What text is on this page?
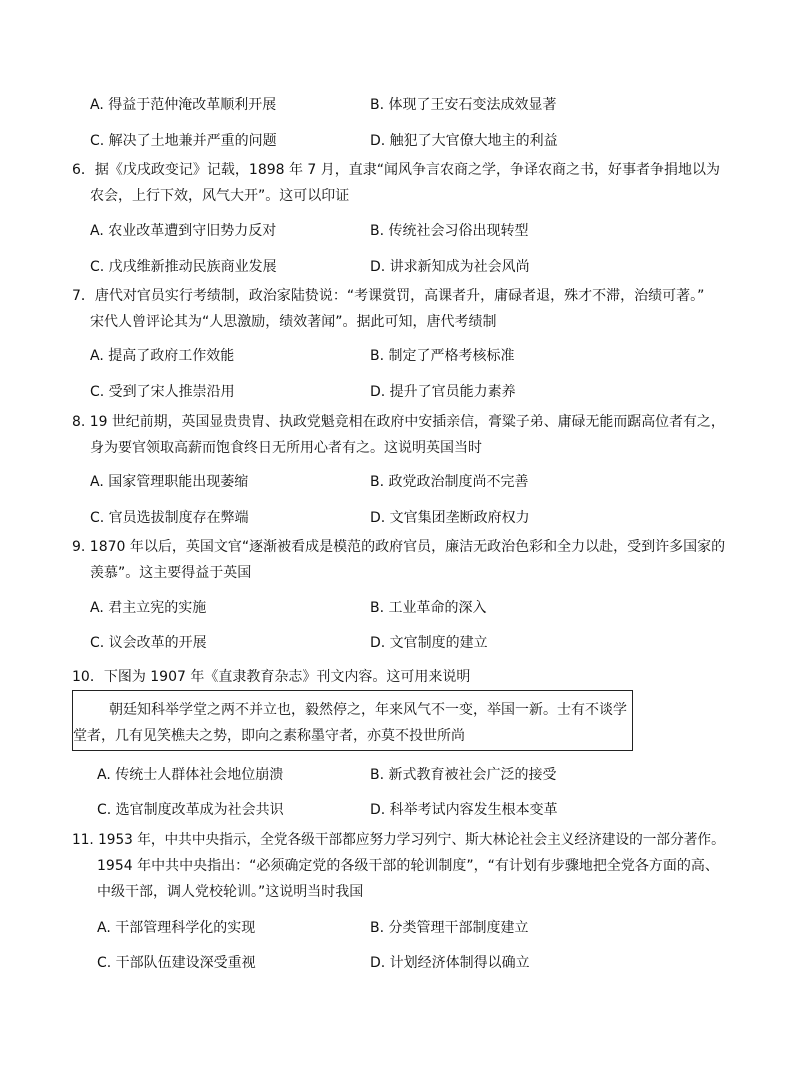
A. 得益于范仲淹改革顺利开展	B. 体现了王安石变法成效显著
C. 解决了土地兼并严重的问题	D. 触犯了大官僚大地主的利益
6．据《戊戌政变记》记载，1898 年 7 月，直隶“闻风争言农商之学，争译农商之书，好事者争捐地以为
农会，上行下效，风气大开”。这可以印证
A. 农业改革遭到守旧势力反对	B. 传统社会习俗出现转型
C. 戊戌维新推动民族商业发展	D. 讲求新知成为社会风尚
7．唐代对官员实行考绩制，政治家陆贽说：“考课赏罚，高课者升，庸碌者退，殊才不滞，治绩可著。”
宋代人曾评论其为“人思激励，绩效著闻”。据此可知，唐代考绩制
A. 提高了政府工作效能	B. 制定了严格考核标准
C. 受到了宋人推崇沿用	D. 提升了官员能力素养
8. 19 世纪前期，英国显贵贵胄、执政党魁竞相在政府中安插亲信，膏粱子弟、庸碌无能而踞高位者有之，
身为要官领取高薪而饱食终日无所用心者有之。这说明英国当时
A. 国家管理职能出现萎缩	B. 政党政治制度尚不完善
C. 官员选拔制度存在弊端	D. 文官集团垄断政府权力
9. 1870 年以后，英国文官“逐渐被看成是模范的政府官员，廉洁无政治色彩和全力以赴，受到许多国家的
羡慕”。这主要得益于英国
A. 君主立宪的实施	B. 工业革命的深入
C. 议会改革的开展	D. 文官制度的建立
10．下图为 1907 年《直隶教育杂志》刊文内容。这可用来说明
朝廷知科举学堂之两不并立也，毅然停之，年来风气不一变，举国一新。士有不谈学
堂者，几有见笑樵夫之势，即向之素称墨守者，亦莫不投世所尚
A. 传统士人群体社会地位崩溃	B. 新式教育被社会广泛的接受
C. 选官制度改革成为社会共识	D. 科举考试内容发生根本变革
11. 1953 年，中共中央指示，全党各级干部都应努力学习列宁、斯大林论社会主义经济建设的一部分著作。
1954 年中共中央指出：“必须确定党的各级干部的轮训制度”，“有计划有步骤地把全党各方面的高、
中级干部，调人党校轮训。”这说明当时我国
A. 干部管理科学化的实现	B. 分类管理干部制度建立
C. 干部队伍建设深受重视	D. 计划经济体制得以确立
